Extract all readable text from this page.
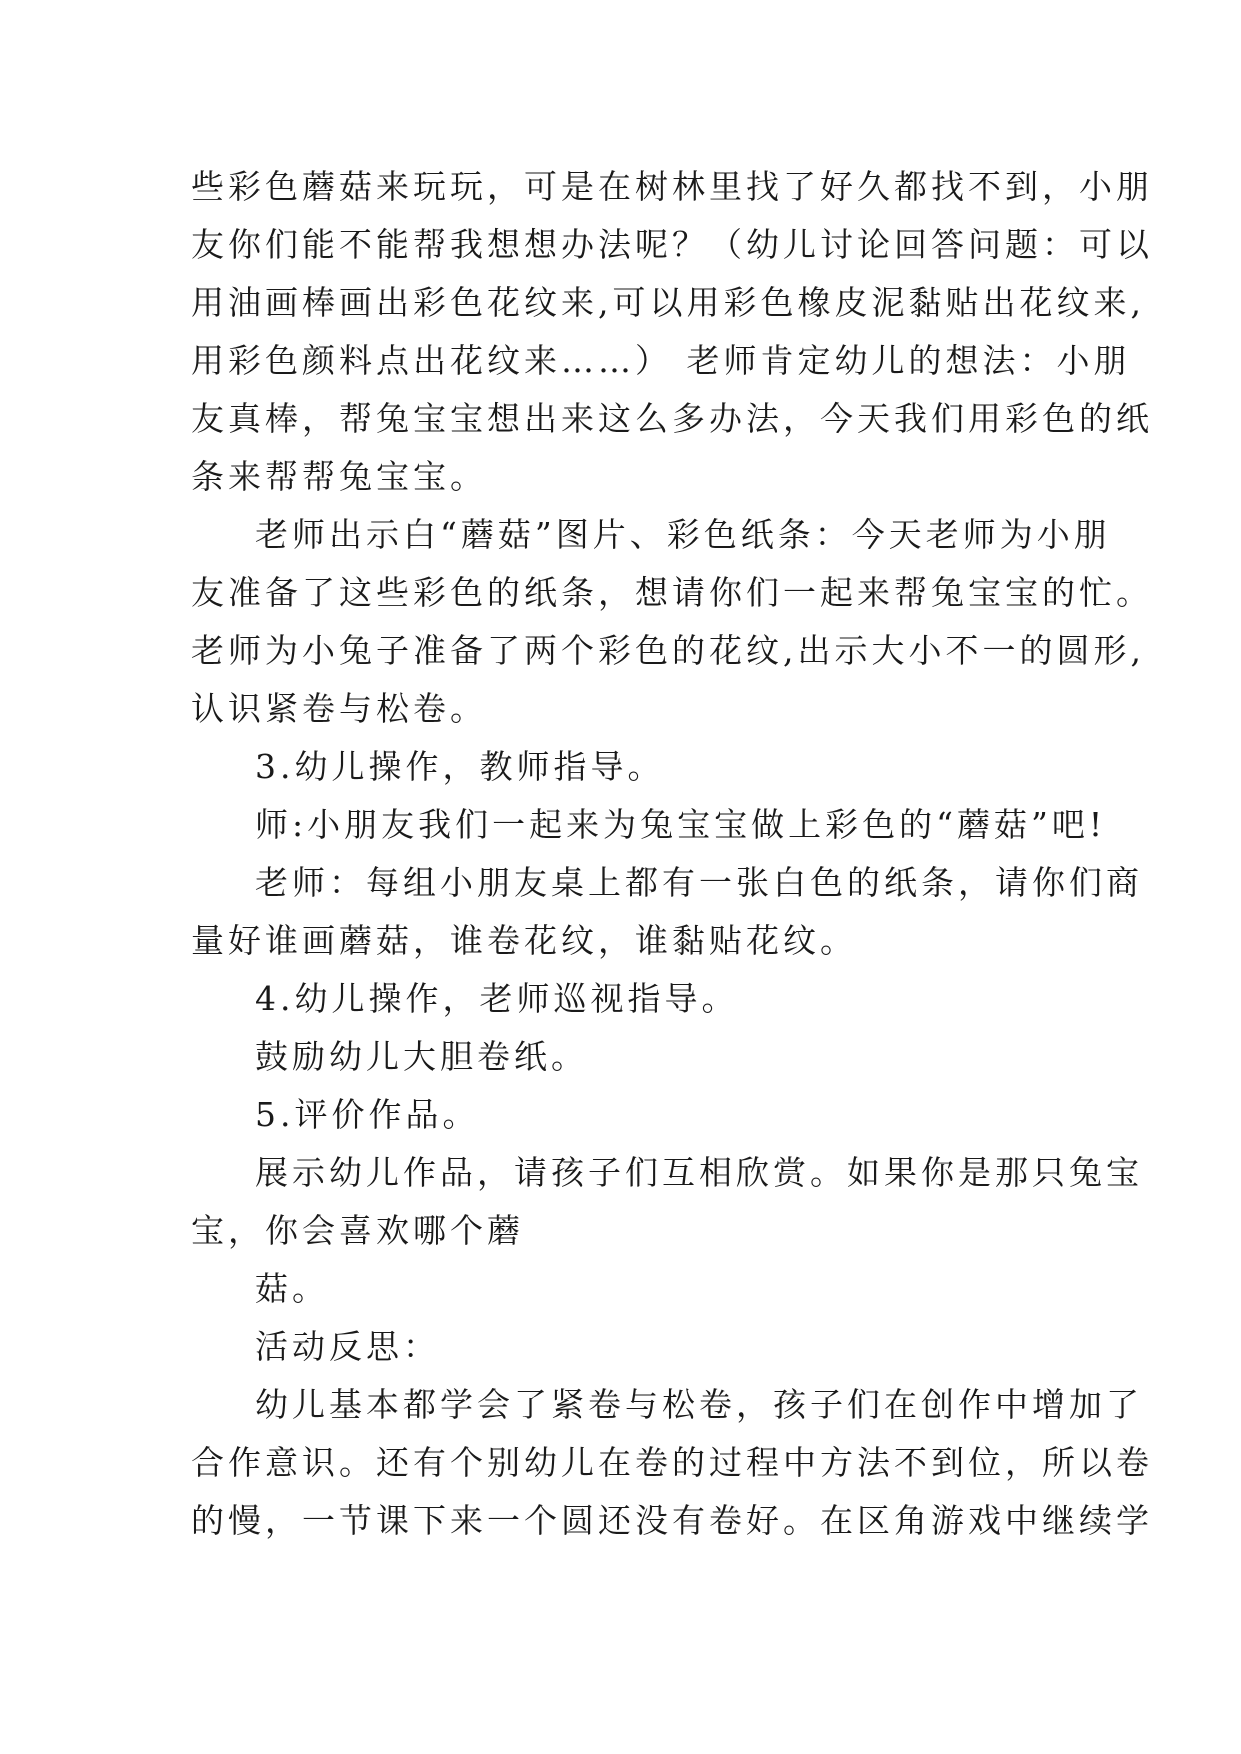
些彩色蘑菇来玩玩，可是在树林里找了好久都找不到，小朋
友你们能不能帮我想想办法呢？（幼儿讨论回答问题：可以
用油画棒画出彩色花纹来,可以用彩色橡皮泥黏贴出花纹来,
用彩色颜料点出花纹来……） 老师肯定幼儿的想法：小朋
友真棒，帮兔宝宝想出来这么多办法，今天我们用彩色的纸
条来帮帮兔宝宝。
老师出示白“蘑菇”图片、彩色纸条：今天老师为小朋
友准备了这些彩色的纸条，想请你们一起来帮兔宝宝的忙。
老师为小兔子准备了两个彩色的花纹,出示大小不一的圆形,
认识紧卷与松卷。
3.幼儿操作，教师指导。
师:小朋友我们一起来为兔宝宝做上彩色的“蘑菇”吧!
老师：每组小朋友桌上都有一张白色的纸条，请你们商
量好谁画蘑菇，谁卷花纹，谁黏贴花纹。
4.幼儿操作，老师巡视指导。
鼓励幼儿大胆卷纸。
5.评价作品。
展示幼儿作品，请孩子们互相欣赏。如果你是那只兔宝
宝，你会喜欢哪个蘑
菇。
活动反思：
幼儿基本都学会了紧卷与松卷，孩子们在创作中增加了
合作意识。还有个别幼儿在卷的过程中方法不到位，所以卷
的慢，一节课下来一个圆还没有卷好。在区角游戏中继续学
